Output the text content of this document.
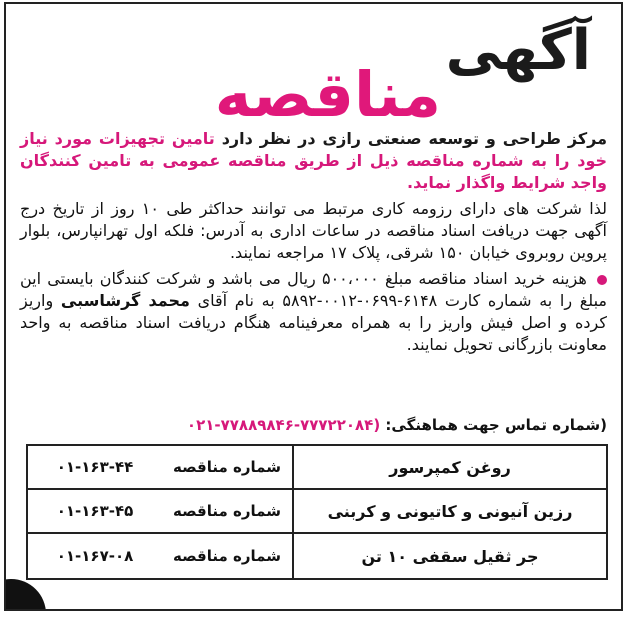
آگهی
مناقصه
مرکز طراحی و توسعه صنعتی رازی در نظر دارد تامین تجهیزات مورد نیاز خود را به شماره مناقصه ذیل از طریق مناقصه عمومی به تامین کنندگان واجد شرایط واگذار نماید.
لذا شرکت های دارای رزومه کاری مرتبط می توانند حداکثر طی ۱۰ روز از تاریخ درج آگهی جهت دریافت اسناد مناقصه در ساعات اداری به آدرس: فلکه اول تهرانپارس، بلوار پروین روبروی خیابان ۱۵۰ شرقی، پلاک ۱۷ مراجعه نمایند.
هزینه خرید اسناد مناقصه مبلغ ۵۰۰،۰۰۰ ریال می باشد و شرکت کنندگان بایستی این مبلغ را به شماره کارت ۶۱۴۸-۰۶۹۹-۰۰۱۲-۵۸۹۲ به نام آقای محمد گرشاسبی واریز کرده و اصل فیش واریز را به همراه معرفینامه هنگام دریافت اسناد مناقصه به واحد معاونت بازرگانی تحویل نمایند.
(شماره تماس جهت هماهنگی: ۰۲۱-۷۷۸۸۹۸۴۶-۷۷۷۲۲۰۸۴)
روغن کمپرسور
شماره مناقصه
۰۱-۱۶۳-۴۴
رزین آنیونی و کاتیونی و کربنی
شماره مناقصه
۰۱-۱۶۳-۴۵
جر ثقیل سقفی ۱۰ تن
شماره مناقصه
۰۱-۱۶۷-۰۸
